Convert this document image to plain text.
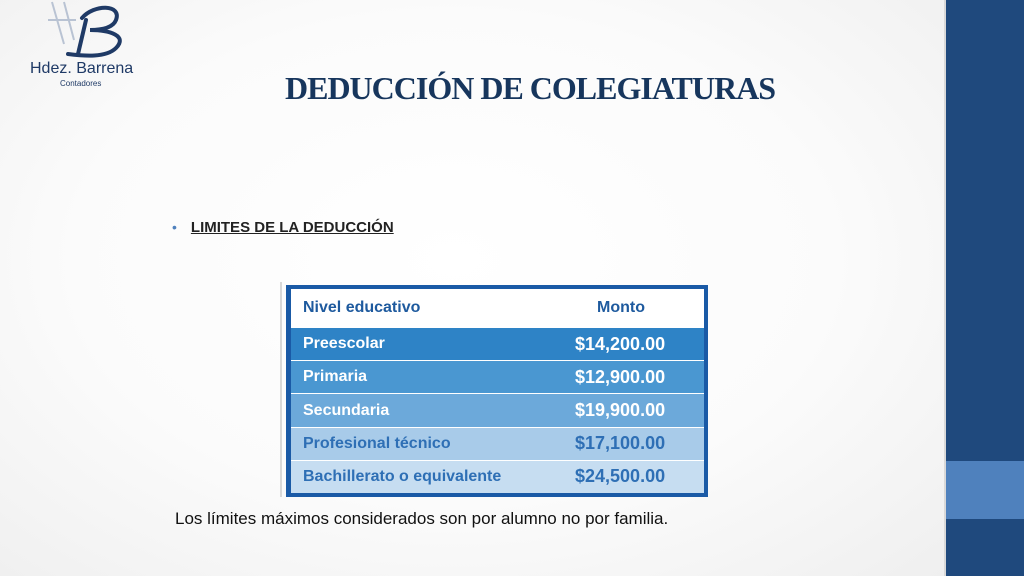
Hdez. Barrena
Contadores	DEDUCCIÓN DE COLEGIATURAS
• LIMITES DE LA DEDUCCIÓN
Nivel educativo	Monto
Preescolar	$14,200.00
Primaria	$12,900.00
Secundaria	$19,900.00
Profesional técnico	$17,100.00
Bachillerato o equivalente	$24,500.00
Los límites máximos considerados son por alumno no por familia.
